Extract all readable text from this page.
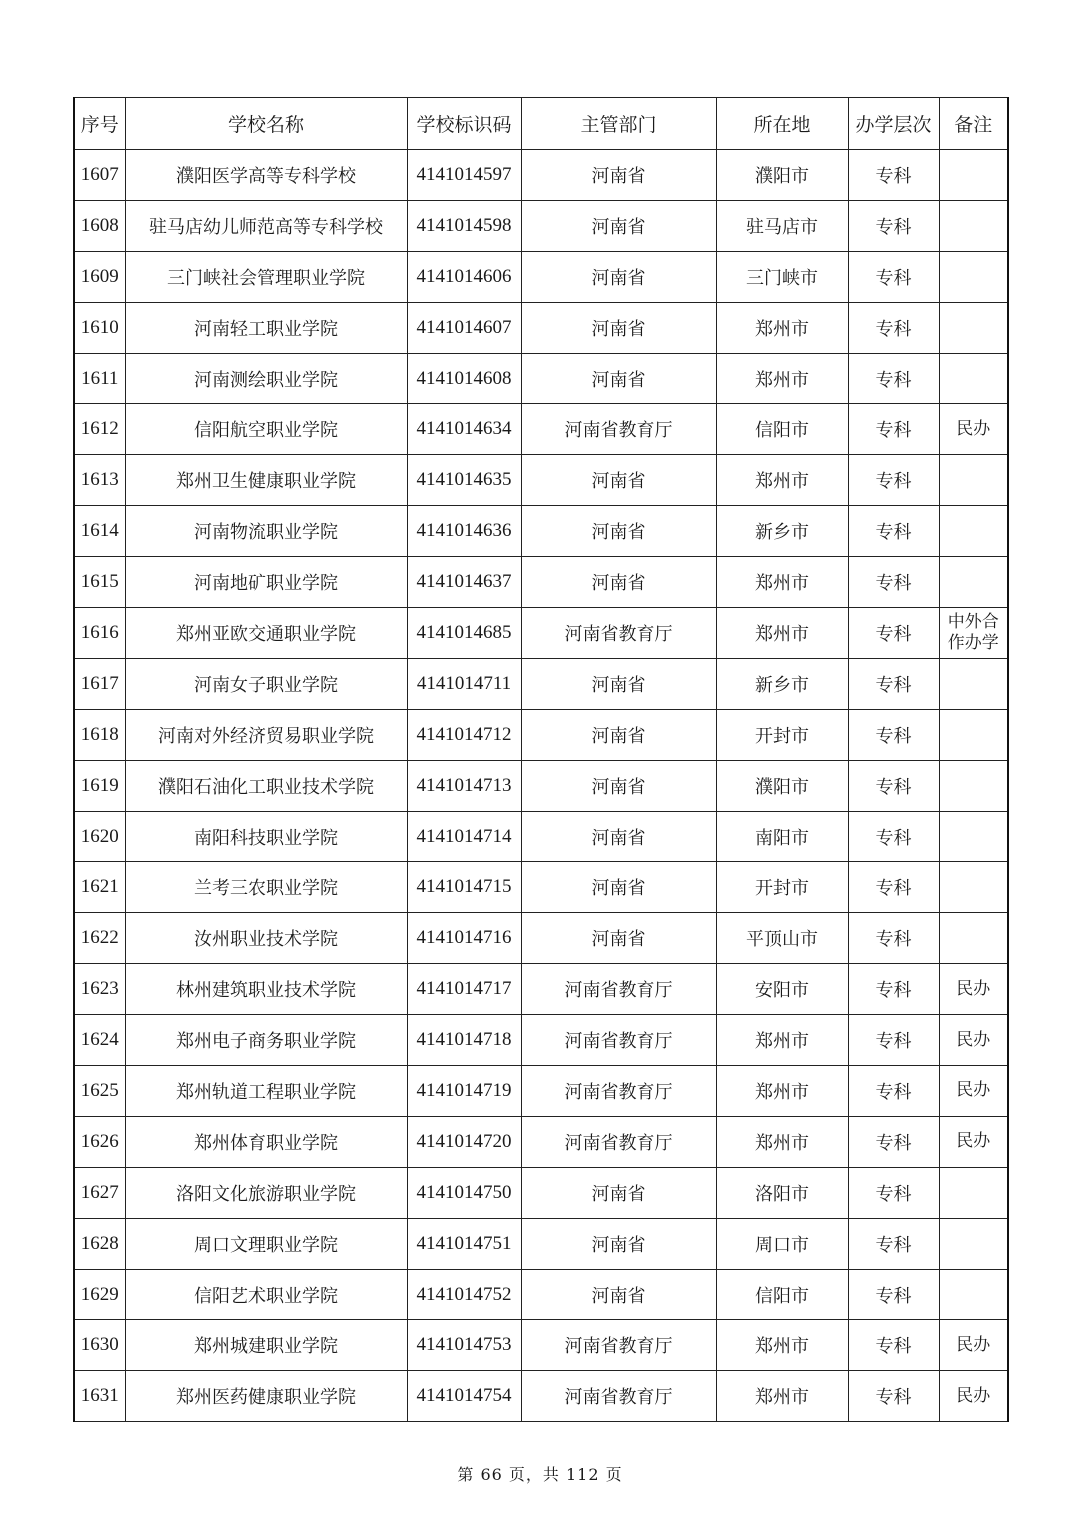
序号	学校名称	学校标识码	主管部门	所在地	办学层次	备注
1607	濮阳医学高等专科学校	4141014597	河南省	濮阳市	专科	
1608	驻马店幼儿师范高等专科学校	4141014598	河南省	驻马店市	专科	
1609	三门峡社会管理职业学院	4141014606	河南省	三门峡市	专科	
1610	河南轻工职业学院	4141014607	河南省	郑州市	专科	
1611	河南测绘职业学院	4141014608	河南省	郑州市	专科	
1612	信阳航空职业学院	4141014634	河南省教育厅	信阳市	专科	民办
1613	郑州卫生健康职业学院	4141014635	河南省	郑州市	专科	
1614	河南物流职业学院	4141014636	河南省	新乡市	专科	
1615	河南地矿职业学院	4141014637	河南省	郑州市	专科	
1616	郑州亚欧交通职业学院	4141014685	河南省教育厅	郑州市	专科	中外合
作办学

1617	河南女子职业学院	4141014711	河南省	新乡市	专科	
1618	河南对外经济贸易职业学院	4141014712	河南省	开封市	专科	
1619	濮阳石油化工职业技术学院	4141014713	河南省	濮阳市	专科	
1620	南阳科技职业学院	4141014714	河南省	南阳市	专科	
1621	兰考三农职业学院	4141014715	河南省	开封市	专科	
1622	汝州职业技术学院	4141014716	河南省	平顶山市	专科	
1623	林州建筑职业技术学院	4141014717	河南省教育厅	安阳市	专科	民办
1624	郑州电子商务职业学院	4141014718	河南省教育厅	郑州市	专科	民办
1625	郑州轨道工程职业学院	4141014719	河南省教育厅	郑州市	专科	民办
1626	郑州体育职业学院	4141014720	河南省教育厅	郑州市	专科	民办
1627	洛阳文化旅游职业学院	4141014750	河南省	洛阳市	专科	
1628	周口文理职业学院	4141014751	河南省	周口市	专科	
1629	信阳艺术职业学院	4141014752	河南省	信阳市	专科	
1630	郑州城建职业学院	4141014753	河南省教育厅	郑州市	专科	民办
1631	郑州医药健康职业学院	4141014754	河南省教育厅	郑州市	专科	民办
第 66 页，共 112 页
